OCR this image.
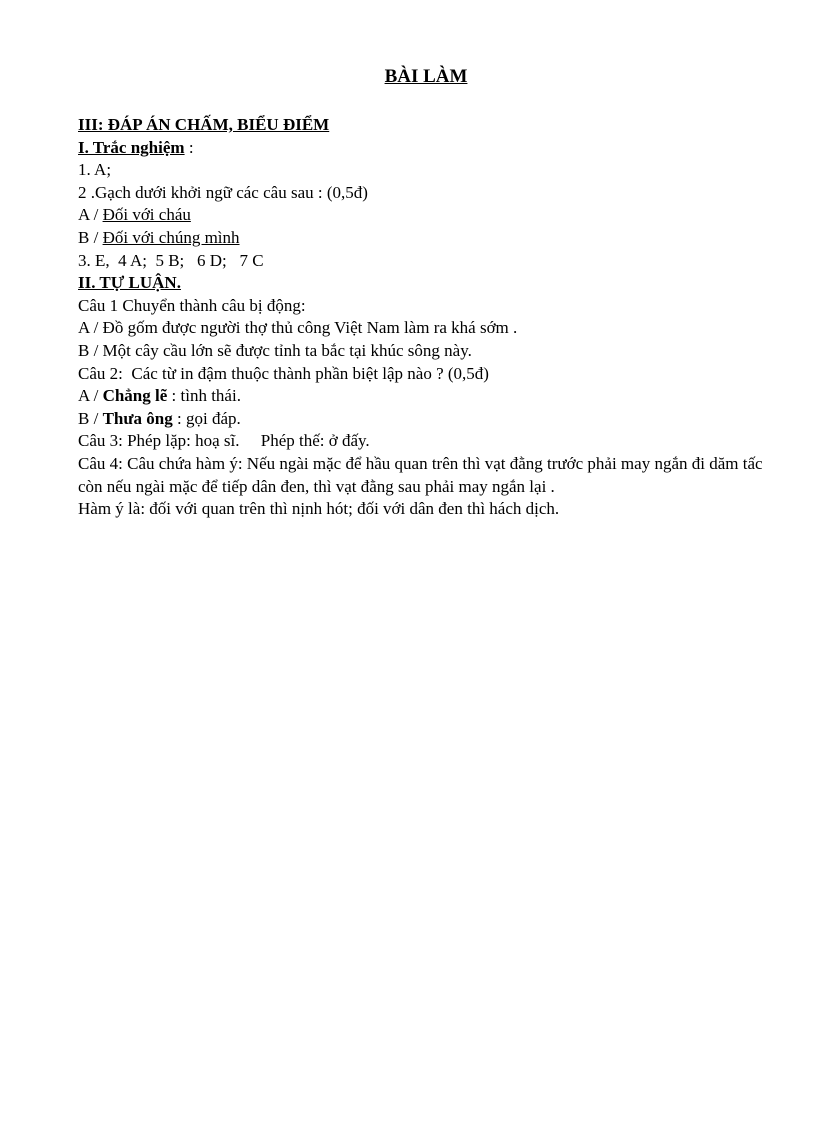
BÀI LÀM
III: ĐÁP ÁN CHẤM, BIỂU ĐIỂM
I. Trắc nghiệm :
1. A;
2 .Gạch dưới khởi ngữ các câu sau : (0,5đ)
A / Đối với cháu
B / Đối với chúng mình
3. E,  4 A;  5 B;   6 D;   7 C
II. TỰ LUẬN.
Câu 1 Chuyển thành câu bị động:
A / Đồ gốm được người thợ thủ công Việt Nam làm ra khá sớm .
B / Một cây cầu lớn sẽ được tỉnh ta bắc tại khúc sông này.
Câu 2:  Các từ in đậm thuộc thành phần biệt lập nào ? (0,5đ)
A / Chẳng lẽ : tình thái.
B / Thưa ông : gọi đáp.
Câu 3: Phép lặp: hoạ sĩ.     Phép thế: ở đấy.
Câu 4: Câu chứa hàm ý: Nếu ngài mặc để hầu quan trên thì vạt đằng trước phải may ngắn đi dăm tấc còn nếu ngài mặc để tiếp dân đen, thì vạt đằng sau phải may ngắn lại .
Hàm ý là: đối với quan trên thì nịnh hót; đối với dân đen thì hách dịch.
